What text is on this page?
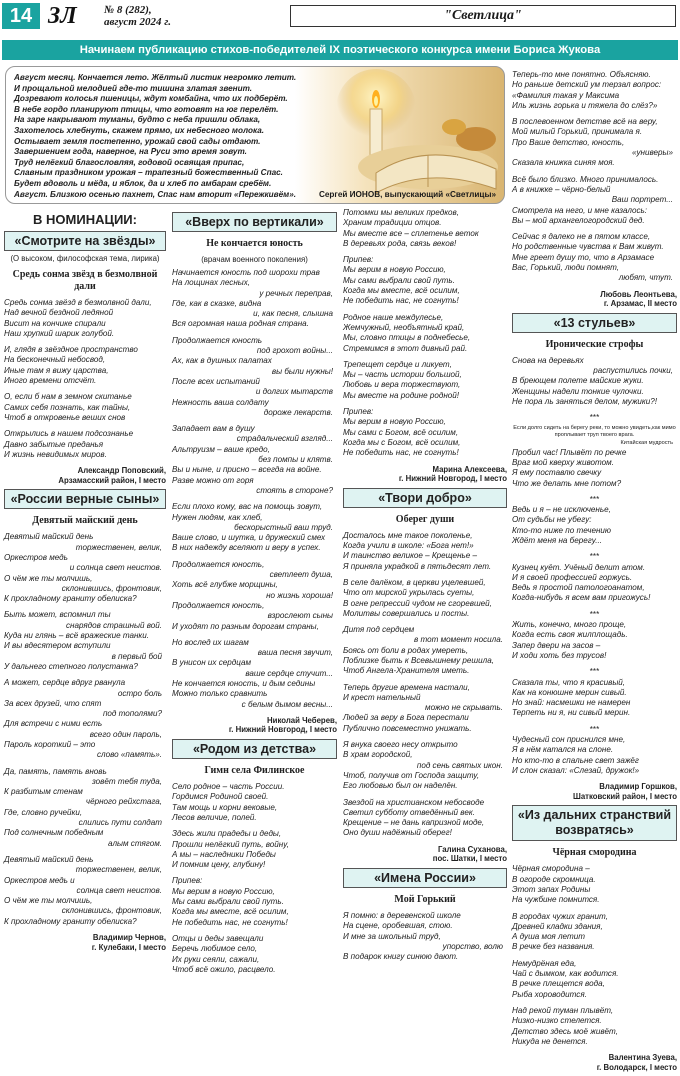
14 ЗЛ № 8 (282),
август 2024 г.	"Светлица"
Начинаем публикацию стихов-победителей IX поэтического конкурса имени Бориса Жукова
Август месяц. Кончается лето. Жёлтый листик негромко летит.
И прощальной мелодией где-то тишина златая звенит.
Дозревают колосья пшеницы, ждут комбайна, что их подберёт.
В небе гордо планируют птицы, что готовят на юг перелёт.
На заре накрывают туманы, будто с неба пришли облака,
Захотелось хлебнуть, скажем прямо, их небесного молока.
Остывает земля постепенно, урожай свой сады отдают.
Завершением года, наверное, на Руси это время зовут.
Труд нелёгкий благословляя, годовой освящая припас,
Славным праздником урожая – трапезный божественный Спас.
Будет вдоволь и мёда, и яблок, да и хлеб по амбарам сребём.
Август. Близкою осенью пахнет, Спас нам вторит «Пережкивём».	Сергей ИОНОВ, выпускающий «Светлицы»
В НОМИНАЦИИ:
«Смотрите на звёзды»
(О высоком, философская тема, лирика)
Средь сонма звёзд в безмолвной дали

Средь сонма звёзд в безмолвной дали,
Над вечной бездной ледяной
Висит на кончике спирали
Наш хрупкий шарик голубой.

И, глядя в звёздное пространство
На бесконечный небосвод,
Иные там я вижу царства,
Иного времени отсчёт.

О, если б нам в земном скитанье
Самих себя познать, как тайны,
Чтоб в откровенье веших снов

Открылись в нашем подсознанье
Давно забытые преданья
И жизнь невидимых миров.

Александр Поповский,
Арзамасский район, I место
«России верные сыны»
Девятый майский день

Девятый майский день

торжественен, велик,
Оркестров медь

и солнца свет неистов.
О чём же ты молчишь,

склонившись, фронтовик,
К прохладному граниту обелиска?

Быть может, вспомнил ты

снарядов страшный вой.
Куда ни глянь – всё вражеские танки.
И вы вдесятером вступили

в первый бой
У дальнего степного полустанка?

А может, сердце вдруг рванула

остро боль
За всех друзей, что спят

под тополями?
Для встречи с ними есть

всего один пароль,
Пароль короткий – это

слово «память».

Да, память, память вновь

зовёт тебя туда,
К разбитым стенам

чёрного рейхстага,
Где, словно ручейки,

слились пути солдат
Под солнечным победным

алым стягом.

Девятый майский день

торжественен, велик,
Оркестров медь и

солнца свет неистов.
О чём же ты молчишь,

склонившись, фронтовик,
К прохладному граниту обелиска?

Владимир Чернов,
г. Кулебаки, I место
«Вверх по вертикали»
Не кончается юность
(врачам военного поколения)

Начинается юность под шорохи трав
На лощинах лесных,
у речных переправ,
Где, как в сказке, видна
и, как песня, слышна
Вся огромная наша родная страна.

Продолжается юность
под грохот войны...
Ах, как в душных палатах
вы были нужны!
После всех испытаний
и долгих мытарств
Нежность ваша солдату
дороже лекарств.

Западает вам в душу
страдальческий взгляд...
Альтруизм – ваше кредо,
без помпы и клятв.
Вы и ныне, и присно – всегда на войне.
Разве можно от горя
стоять в стороне?

Если плохо кому, вас на помощь зовут,
Нужен людям, как хлеб,
бескорыстный ваш труд.
Ваше слово, и шутка, и дружеский смех
В них надежду вселяют и веру в успех.

Продолжается юность,
светлеет душа,
Хоть всё глубже морщины,
но жизнь хороша!
Продолжается юность,
взрослеют сыны
И уходят по разным дорогам страны,

Но вослед их шагам
ваша песня звучит,
В унисон их сердцам
ваше сердце стучит...
Не кончается юность, и дым седины
Можно только сравнить
с белым дымом весны...

Николай Чеберев,
г. Нижний Новгород, I место
«Родом из детства»
Гимн села Филинское

Село родное – часть России.
Гордимся Родиной своей.
Там мощь и корни вековые,
Лесов величие, полей.

Здесь жили прадеды и деды,
Прошли нелёгкий путь, войну,
А мы – наследники Победы
И помним цену, глубину!

Припев:
Мы верим в новую Россию,
Мы сами выбрали свой путь.
Когда мы вместе, всё осилим,
Не победить нас, не согнуть!

Отцы и деды завещали
Беречь любимое село,
Их руки сеяли, сажали,
Чтоб всё ожило, расцвело.

Потомки мы великих предков,
Храним традиции отцов.
Мы вместе все – сплетенье веток
В деревьях рода, связь веков!

Припев:
Мы верим в новую Россию,
Мы сами выбрали свой путь.
Когда мы вместе, всё осилим,
Не победить нас, не согнуть!

Родное наше междулесье,
Жемчужный, необъятный край,
Мы, словно птицы в поднебесье,
Стремимся в этот дивный рай.

Трепещет сердце и ликует,
Мы – часть истории большой,
Любовь и вера торжествуют,
Мы вместе на родине родной!

Припев:
Мы верим в новую Россию,
Мы сами с Богом, всё осилим,
Когда мы с Богом, всё осилим,
Не победить нас, не согнуть!

Марина Алексеева,
г. Нижний Новгород, I место
«Твори добро»
Оберег души

Досталось мне такое поколенье,
Когда учили в школе: «Бога нет!»
И таинство великое – Крещенье –
Я приняла украдкой в пятьдесят лет.

В селе далёком, в церкви уцелевшей,
Что от мирской укрылась суеты,
В огне репрессий чудом не сгоревшей,
Молитвы совершались и посты.

Дитя под сердцем
в тот момент носила.
Боясь от боли в родах умереть,
Поблизке быть к Всевышнему решила,
Чтоб Ангела-Хранителя иметь.

Теперь другие времена настали,
И крест нательный
можно не скрывать.
Людей за веру в Бога перестали
Публично повсеместно унижать.

Я внука своего несу открыто
В храм городской,
под сень святых икон.
Чтоб, получив от Господа защиту,
Его любовью был он наделён.

Звездой на христианском небосводе
Светил субботу отведённый век.
Крещение – не дань капризной моде,
Оно души надёжный оберег!

Галина Суханова,
пос. Шатки, I место
«Имена России»
Мой Горький

Я помню: в деревенской школе
На сцене, оробевшая, стою.
И мне за школьный труд,
упорство, волю
В подарок книгу синюю дают.

Теперь-то мне понятно. Объясняю.
Но раньше детский ум терзал вопрос:
«Фамилия такая у Максима
Иль жизнь горька и тяжела до слёз?»

В послевоенном детстве всё на веру,
Мой милый Горький, принимала я.
Про Ваше детство, юность,
«универы»
Сказала книжка синяя моя.

Всё было близко. Много принималось.
А в книжке – чёрно-белый
Ваш портрет...
Смотрела на него, и мне казалось:
Вы – мой архангелогородский дед.

Сейчас я далеко не в пятом классе,
Но родственные чувства к Вам живут.
Мне греет душу то, что в Арзамасе
Вас, Горький, люди помнят,
любят, чтут.

Любовь Леонтьева,
г. Арзамас, II место
«13 стульев»
Иронические строфы

Снова на деревьях
распустились почки,
В бреющем полете майские жуки.
Женщины надели тонкие чулочки.
Не пора ль заняться делом, мужики?!

***
Если долго сидеть на берегу реки, то можно увидеть,как мимо проплывает труп твоего врага.
Китайская мудрость

Пробил час! Плывёт по речке
Враг мой кверху животом.
Я ему поставлю свечку
Что же делать мне потом?

***

Ведь и я – не исключенье,
От судьбы не убегу:
Кто-то ниже по течению
Ждёт меня на берегу...

***

Кузнец куёт. Учёный делит атом.
И я своей профессией горжусь.
Ведь я простой патологоанатом,
Когда-нибудь я всем вам пригожусь!

***

Жить, конечно, много проще,
Когда есть своя жилплощадь.
Запер двери на засов –
И ходи хоть без трусов!

***

Сказала ты, что я красивый,
Как на конюшне мерин сивый.
Но знай: насмешки не намерен
Терпеть ни я, ни сивый мерин.

***

Чудесный сон приснился мне,
Я в нём катался на слоне.
Но кто-то в спальне свет зажёг
И слон сказал: «Слезай, дружок!»

Владимир Горшков,
Шатковский район, I место
«Из дальних странствий возвратясь»
Чёрная смородина

Чёрная смородина –
В огороде скромница.
Этот запах Родины
На чужбине помнится.

В городах чужих гранит,
Древней кладки здания,
А душа моя летит
В речке без названия.

Немудрёная еда,
Чай с дымком, как водится.
В речке плещется вода,
Рыба хороводится.

Над рекой туман плывёт,
Низко-низко стелется.
Детство здесь моё живёт,
Никуда не денется.

Валентина Зуева,
г. Володарск, I место
